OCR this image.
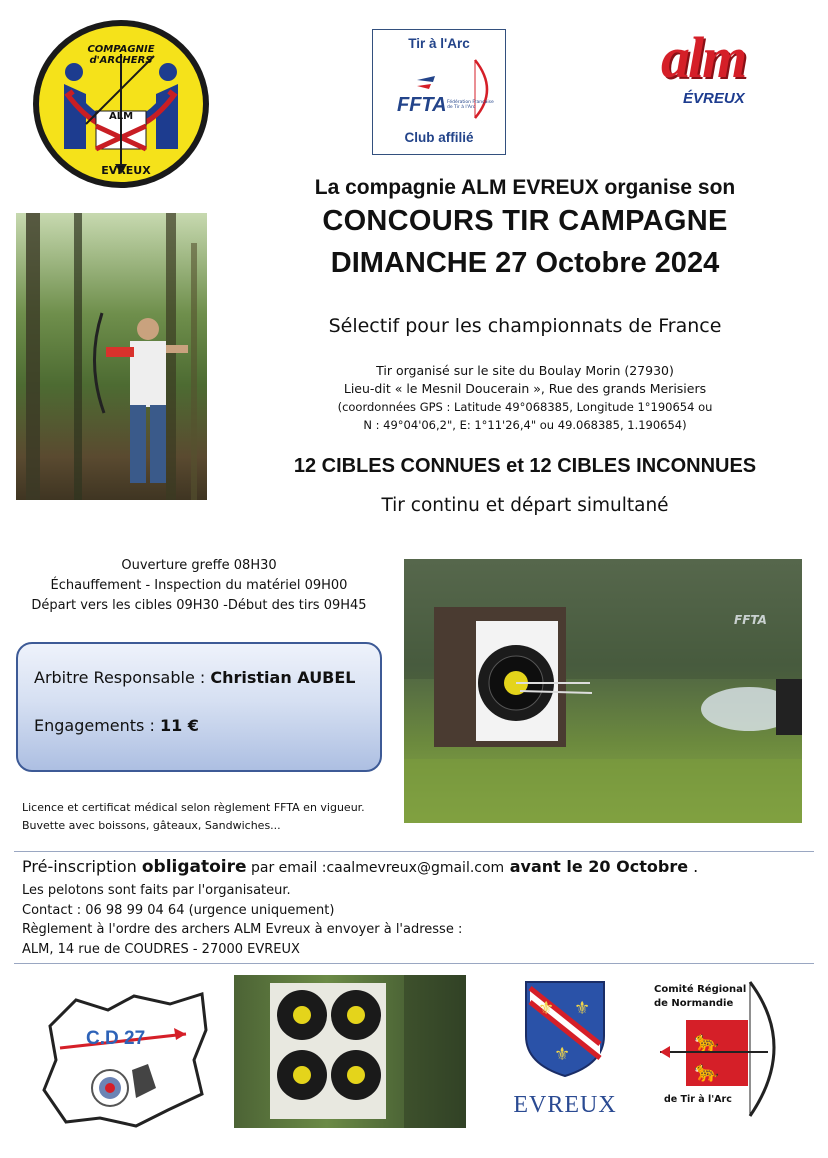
COMPAGNIE d'ARCHERS
ALM
EVREUX
Tir à l'Arc
FFTA Fédération Française de Tir à l'Arc
Club affilié
alm
ÉVREUX
La compagnie ALM EVREUX organise son
CONCOURS TIR CAMPAGNE
DIMANCHE 27 Octobre 2024
Sélectif pour les championnats de France
Tir organisé sur le site du Boulay Morin (27930)
Lieu-dit « le Mesnil Doucerain », Rue des grands Merisiers
(coordonnées GPS : Latitude 49°068385, Longitude 1°190654 ou
N : 49°04'06,2", E: 1°11'26,4" ou 49.068385, 1.190654)
12 CIBLES CONNUES et 12 CIBLES INCONNUES
Tir continu et départ simultané
Ouverture greffe 08H30
Échauffement - Inspection du matériel 09H00
Départ vers les cibles 09H30 -Début des tirs 09H45
Arbitre Responsable : Christian AUBEL
Engagements : 11 €
FFTA
Licence et certificat médical selon règlement FFTA en vigueur.
Buvette avec boissons, gâteaux, Sandwiches...
Pré-inscription obligatoire par email :caalmevreux@gmail.com avant le 20 Octobre .
Les pelotons sont faits par l'organisateur.
Contact : 06 98 99 04 64 (urgence uniquement)
Règlement à l'ordre des archers ALM Evreux à envoyer à l'adresse :
ALM, 14 rue de COUDRES - 27000 EVREUX
C.D 27
⚜ ⚜
⚜
EVREUX
Comité Régional
de Normandie
🐆
🐆
de Tir à l'Arc
